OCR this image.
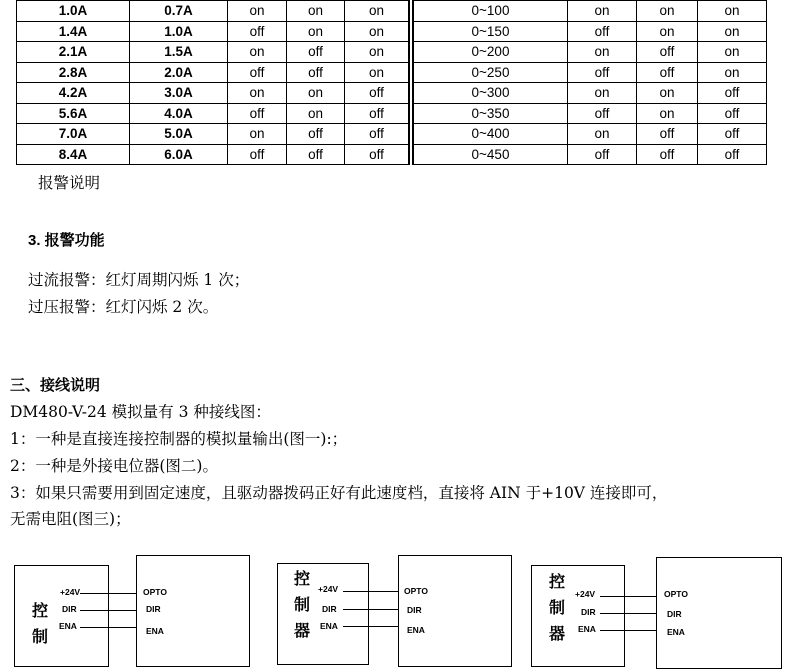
1.0A	0.7A	on	on	on		0~100	on	on	on
1.4A	1.0A	off	on	on		0~150	off	on	on
2.1A	1.5A	on	off	on		0~200	on	off	on
2.8A	2.0A	off	off	on		0~250	off	off	on
4.2A	3.0A	on	on	off		0~300	on	on	off
5.6A	4.0A	off	on	off		0~350	off	on	off
7.0A	5.0A	on	off	off		0~400	on	off	off
8.4A	6.0A	off	off	off		0~450	off	off	off
报警说明
3. 报警功能
过流报警：红灯周期闪烁 1 次；
过压报警：红灯闪烁 2 次。
三、接线说明
DM480-V-24 模拟量有 3 种接线图：
1：一种是直接连接控制器的模拟量输出(图一):；
2：一种是外接电位器(图二)。
3：如果只需要用到固定速度，且驱动器拨码正好有此速度档，直接将 AIN 于+10V 连接即可，
无需电阻(图三)；
控
制
+24V
DIR
ENA
OPTO
DIR
ENA
控
制
器
+24V
DIR
ENA
OPTO
DIR
ENA
控
制
器
+24V
DIR
ENA
OPTO
DIR
ENA
